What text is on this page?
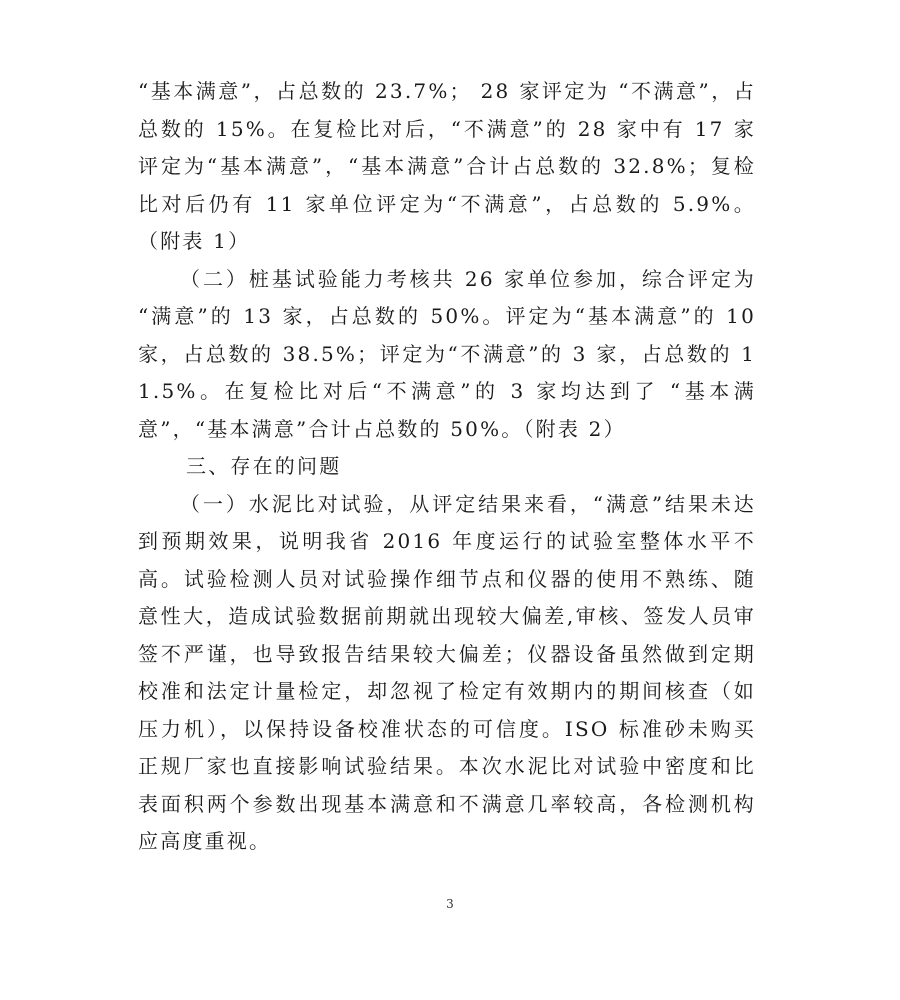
“基本满意”，占总数的 23.7%； 28 家评定为 “不满意”，占总数的 15%。在复检比对后，“不满意”的 28 家中有 17 家评定为“基本满意”，“基本满意”合计占总数的 32.8%；复检比对后仍有 11 家单位评定为“不满意”，占总数的 5.9%。（附表 1）

（二）桩基试验能力考核共 26 家单位参加，综合评定为 “满意”的 13 家，占总数的 50%。评定为“基本满意”的 10 家，占总数的 38.5%；评定为“不满意”的 3 家，占总数的 11.5%。在复检比对后“不满意”的 3 家均达到了 “基本满意”，“基本满意”合计占总数的 50%。（附表 2）

三、存在的问题

（一）水泥比对试验，从评定结果来看，“满意”结果未达到预期效果，说明我省 2016 年度运行的试验室整体水平不高。试验检测人员对试验操作细节点和仪器的使用不熟练、随意性大，造成试验数据前期就出现较大偏差,审核、签发人员审签不严谨，也导致报告结果较大偏差；仪器设备虽然做到定期校准和法定计量检定，却忽视了检定有效期内的期间核查（如压力机），以保持设备校准状态的可信度。ISO 标准砂未购买正规厂家也直接影响试验结果。本次水泥比对试验中密度和比表面积两个参数出现基本满意和不满意几率较高，各检测机构应高度重视。

3
